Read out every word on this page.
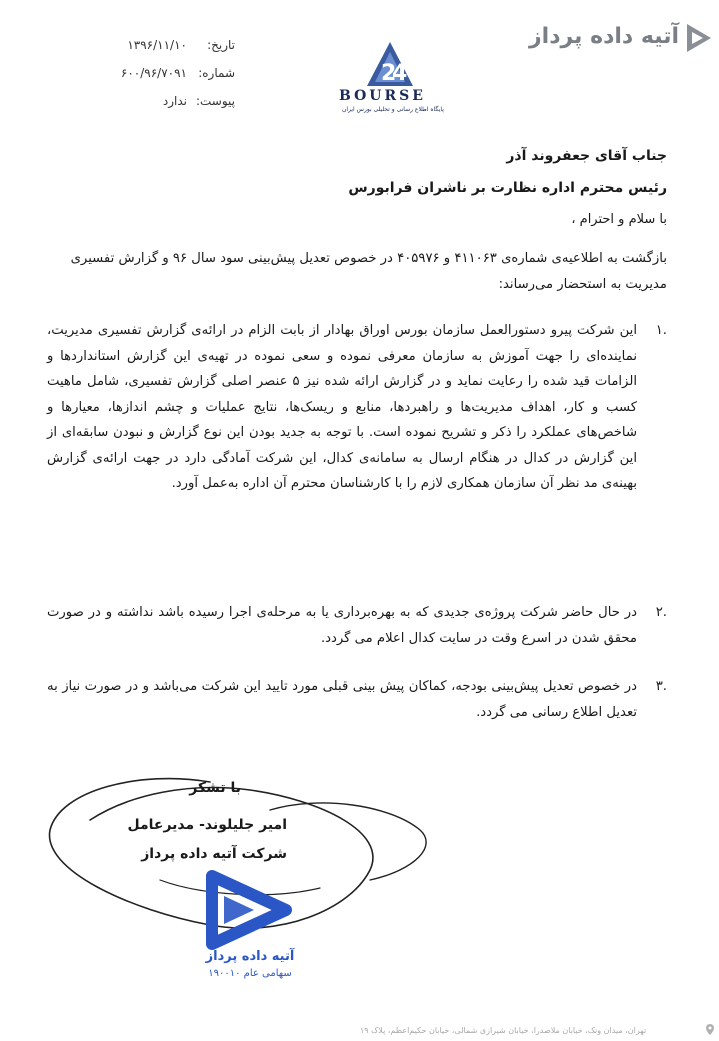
آتیه داده پرداز
تاریخ:
۱۳۹۶/۱۱/۱۰
شماره:
۶۰۰/۹۶/۷۰۹۱
پیوست:
ندارد
2
4
BOURSE
پایگاه اطلاع رسانی و تحلیلی بورس ایران
جناب آقای جعفروند آذر
رئیس محترم اداره نظارت بر ناشران فرابورس
با سلام و احترام ،
بازگشت به اطلاعیه‌ی شماره‌ی ۴۱۱۰۶۳ و ۴۰۵۹۷۶ در خصوص تعدیل پیش‌بینی سود سال ۹۶ و گزارش تفسیری مدیریت به استحضار می‌رساند:
.۱
این شرکت پیرو دستورالعمل سازمان بورس اوراق بهادار از بابت الزام در ارائه‌ی گزارش تفسیری مدیریت، نماینده‌ای را جهت آموزش به سازمان معرفی نموده و سعی نموده در تهیه‌ی این گزارش استانداردها و الزامات قید شده را رعایت نماید و در گزارش ارائه شده نیز ۵ عنصر اصلی گزارش تفسیری، شامل ماهیت کسب و کار، اهداف مدیریت‌ها و راهبردها، منابع و ریسک‌ها، نتایج عملیات و چشم اندازها، معیارها و شاخص‌های عملکرد را ذکر و تشریح نموده است. با توجه به جدید بودن این نوع گزارش و نبودن سابقه‌ای از این گزارش در کدال در هنگام ارسال به سامانه‌ی کدال، این شرکت آمادگی دارد در جهت ارائه‌ی گزارش بهینه‌ی مد نظر آن سازمان همکاری لازم را با کارشناسان محترم آن اداره به‌عمل آورد.
.۲
در حال حاضر شرکت پروژه‌ی جدیدی که به بهره‌برداری یا به مرحله‌ی اجرا رسیده باشد نداشته و در صورت محقق شدن در اسرع وقت در سایت کدال اعلام می گردد.
.۳
در خصوص تعدیل پیش‌بینی بودجه، کماکان پیش بینی قبلی مورد تایید این شرکت می‌باشد و در صورت نیاز به تعدیل اطلاع رسانی می گردد.
با تشکر
امیر جلیلوند- مدیرعامل
شرکت آتیه داده پرداز
آتیه داده پرداز
سهامی عام ۱۹۰۰۱۰
تهران، میدان ونک، خیابان ملاصدرا، خیابان شیرازی شمالی، خیابان حکیم‌اعظم، پلاک ۱۹
